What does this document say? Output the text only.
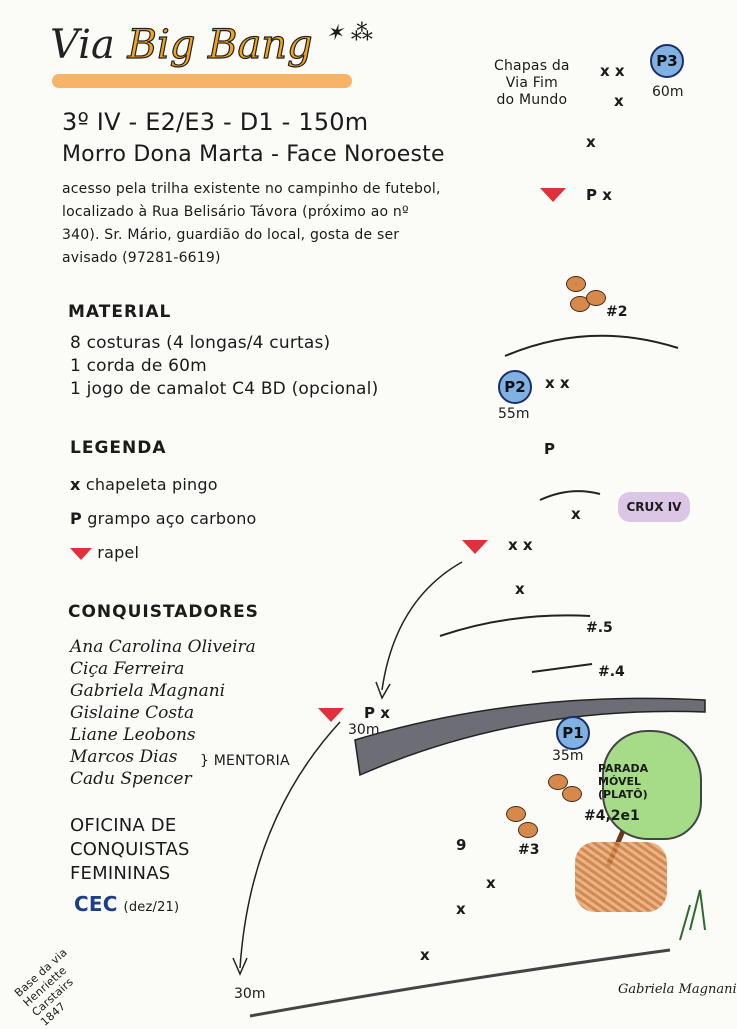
Via Big Bang ✶ ⁂
3º IV - E2/E3 - D1 - 150m
Morro Dona Marta - Face Noroeste
acesso pela trilha existente no campinho de futebol, localizado à Rua Belisário Távora (próximo ao nº 340). Sr. Mário, guardião do local, gosta de ser avisado (97281-6619)
MATERIAL
8 costuras (4 longas/4 curtas)
1 corda de 60m
1 jogo de camalot C4 BD (opcional)
LEGENDA
x chapeleta pingo
P grampo aço carbono
rapel
CONQUISTADORES
Ana Carolina Oliveira
Ciça Ferreira
Gabriela Magnani
Gislaine Costa
Liane Leobons
Marcos Dias
Cadu Spencer
} MENTORIA
OFICINA DE
CONQUISTAS
FEMININAS
CEC (dez/21)
Base da via
Henriette
Carstairs
1847
Chapas da
Via Fim
do Mundo
x x
x
P3
60m
x
P x
#2
P2
55m
x x
P
CRUX IV
x
x x
x
#.5
#.4
P x
30m	P1
35m
PARADA MÓVEL (PLATÔ)
#4,2e1
#3
9
x
x
x
30m	Gabriela Magnani
